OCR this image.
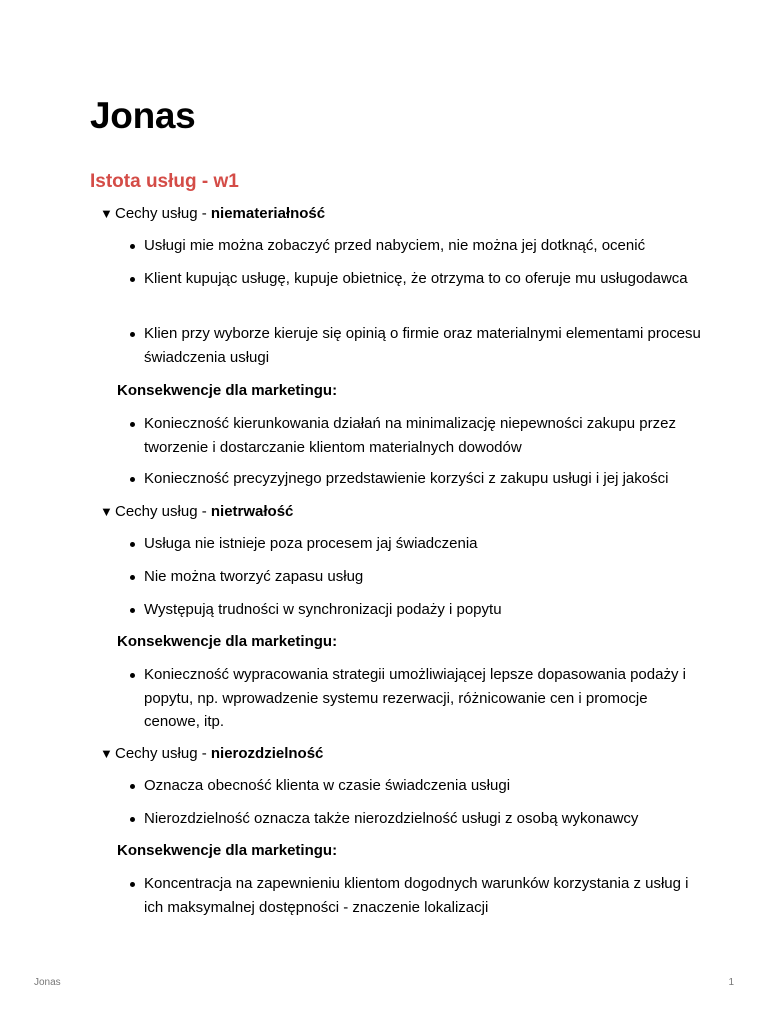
Jonas
Istota usług - w1
▼ Cechy usług - niemateriałność

Usługi mie można zobaczyć przed nabyciem, nie można jej dotknąć, ocenić

Klient kupując usługę, kupuje obietnicę, że otrzyma to co oferuje mu usługodawca

Klien przy wyborze kieruje się opinią o firmie oraz materialnymi elementami procesu świadczenia usługi

Konsekwencje dla marketingu:

Konieczność kierunkowania działań na minimalizację niepewności zakupu przez tworzenie i dostarczanie klientom materialnych dowodów

Konieczność precyzyjnego przedstawienie korzyści z zakupu usługi i jej jakości

▼ Cechy usług - nietrwałość

Usługa nie istnieje poza procesem jaj świadczenia

Nie można tworzyć zapasu usług

Występują trudności w synchronizacji podaży i popytu

Konsekwencje dla marketingu:

Konieczność wypracowania strategii umożliwiającej lepsze dopasowania podaży i popytu, np. wprowadzenie systemu rezerwacji, różnicowanie cen i promocje cenowe, itp.

▼ Cechy usług - nierozdzielność

Oznacza obecność klienta w czasie świadczenia usługi

Nierozdzielność oznacza także nierozdzielność usługi z osobą wykonawcy

Konsekwencje dla marketingu:

Koncentracja na zapewnieniu klientom dogodnych warunków korzystania z usług i ich maksymalnej dostępności - znaczenie lokalizacji

Jonas	1
